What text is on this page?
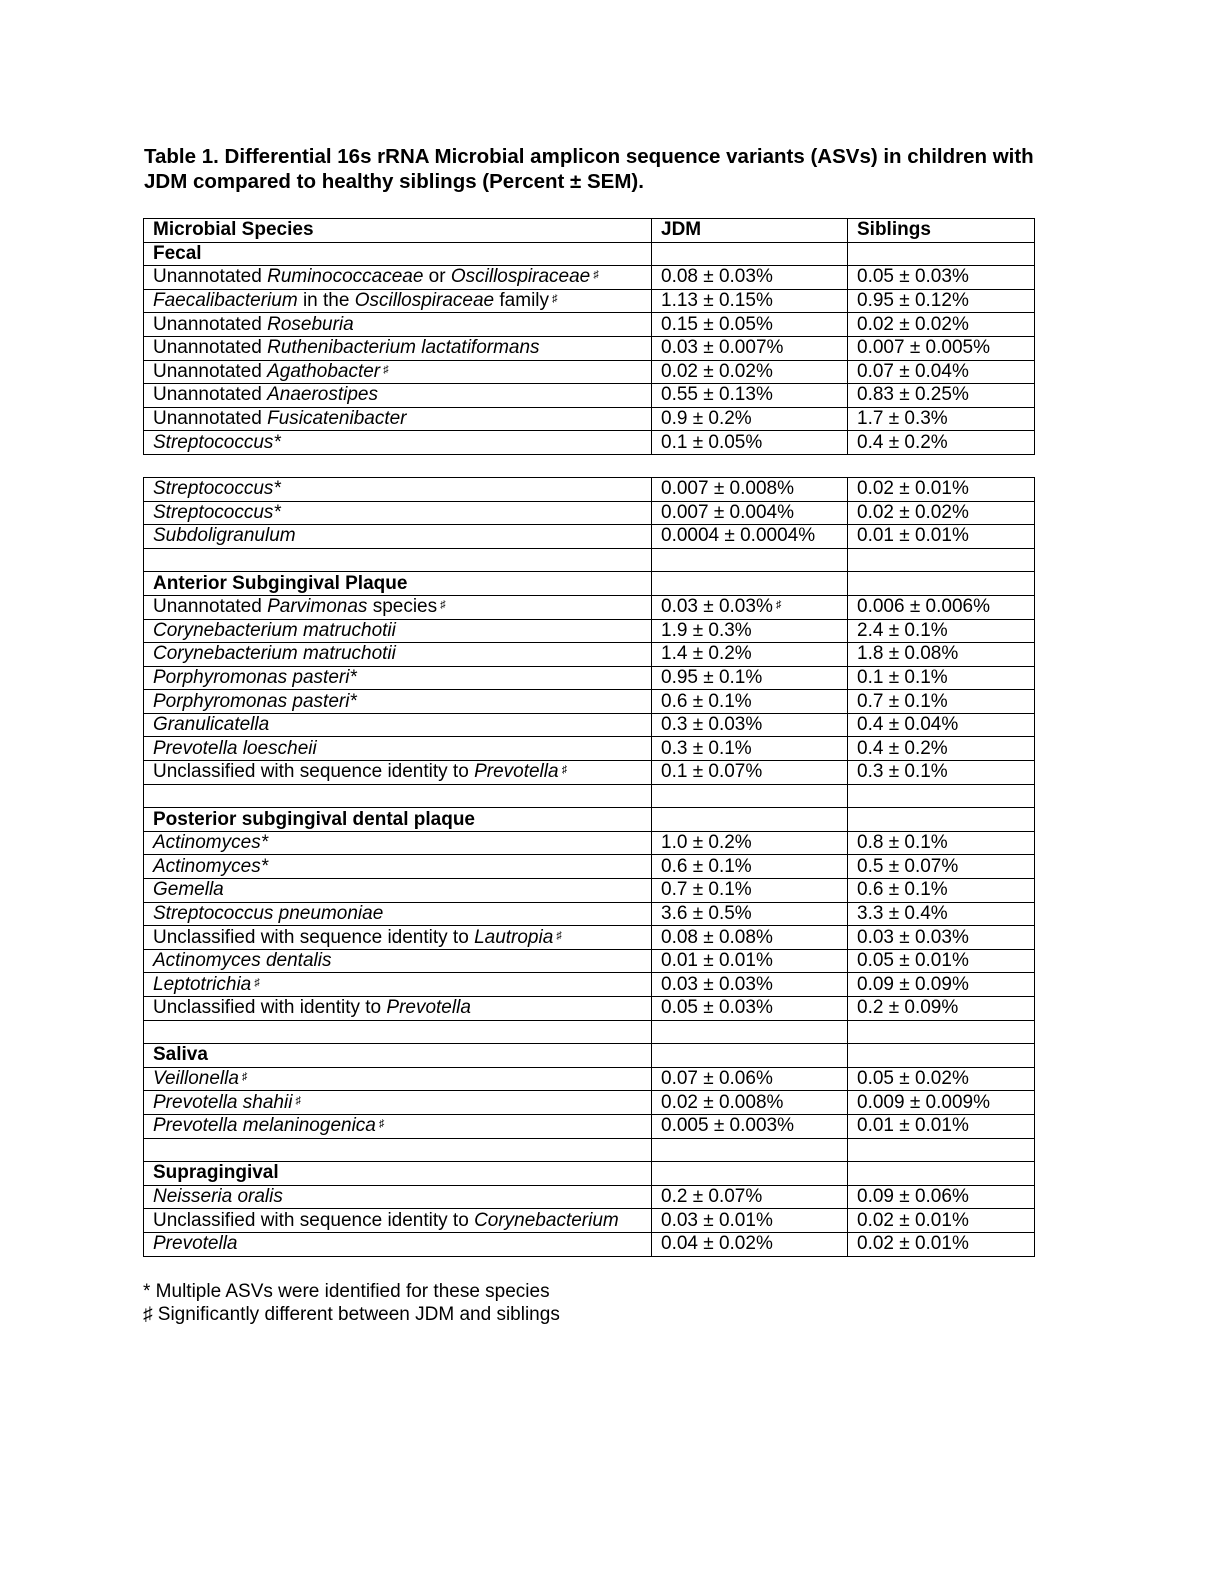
Table 1. Differential 16s rRNA Microbial amplicon sequence variants (ASVs) in children with JDM compared to healthy siblings (Percent ± SEM).
Microbial Species	JDM	Siblings
Fecal		
Unannotated Ruminococcaceae or Oscillospiraceae ♯	0.08 ± 0.03%	0.05 ± 0.03%
Faecalibacterium in the Oscillospiraceae family ♯	1.13 ± 0.15%	0.95 ± 0.12%
Unannotated Roseburia	0.15 ± 0.05%	0.02 ± 0.02%
Unannotated Ruthenibacterium lactatiformans	0.03 ± 0.007%	0.007 ± 0.005%
Unannotated Agathobacter ♯	0.02 ± 0.02%	0.07 ± 0.04%
Unannotated Anaerostipes	0.55 ± 0.13%	0.83 ± 0.25%
Unannotated Fusicatenibacter	0.9 ± 0.2%	1.7 ± 0.3%
Streptococcus*	0.1 ± 0.05%	0.4 ± 0.2%

Streptococcus*	0.007 ± 0.008%	0.02 ± 0.01%
Streptococcus*	0.007 ± 0.004%	0.02 ± 0.02%
Subdoligranulum	0.0004 ± 0.0004%	0.01 ± 0.01%

Anterior Subgingival Plaque		
Unannotated Parvimonas species ♯	0.03 ± 0.03% ♯	0.006 ± 0.006%
Corynebacterium matruchotii	1.9 ± 0.3%	2.4 ± 0.1%
Corynebacterium matruchotii	1.4 ± 0.2%	1.8 ± 0.08%
Porphyromonas pasteri*	0.95 ± 0.1%	0.1 ± 0.1%
Porphyromonas pasteri*	0.6 ± 0.1%	0.7 ± 0.1%
Granulicatella	0.3 ± 0.03%	0.4 ± 0.04%
Prevotella loescheii	0.3 ± 0.1%	0.4 ± 0.2%
Unclassified with sequence identity to Prevotella ♯	0.1 ± 0.07%	0.3 ± 0.1%

Posterior subgingival dental plaque		
Actinomyces*	1.0 ± 0.2%	0.8 ± 0.1%
Actinomyces*	0.6 ± 0.1%	0.5 ± 0.07%
Gemella	0.7 ± 0.1%	0.6 ± 0.1%
Streptococcus pneumoniae	3.6 ± 0.5%	3.3 ± 0.4%
Unclassified with sequence identity to Lautropia ♯	0.08 ± 0.08%	0.03 ± 0.03%
Actinomyces dentalis	0.01 ± 0.01%	0.05 ± 0.01%
Leptotrichia ♯	0.03 ± 0.03%	0.09 ± 0.09%
Unclassified with identity to Prevotella	0.05 ± 0.03%	0.2 ± 0.09%

Saliva		
Veillonella ♯	0.07 ± 0.06%	0.05 ± 0.02%
Prevotella shahii ♯	0.02 ± 0.008%	0.009 ± 0.009%
Prevotella melaninogenica ♯	0.005 ± 0.003%	0.01 ± 0.01%

Supragingival		
Neisseria oralis	0.2 ± 0.07%	0.09 ± 0.06%
Unclassified with sequence identity to Corynebacterium	0.03 ± 0.01%	0.02 ± 0.01%
Prevotella	0.04 ± 0.02%	0.02 ± 0.01%
* Multiple ASVs were identified for these species
♯ Significantly different between JDM and siblings
